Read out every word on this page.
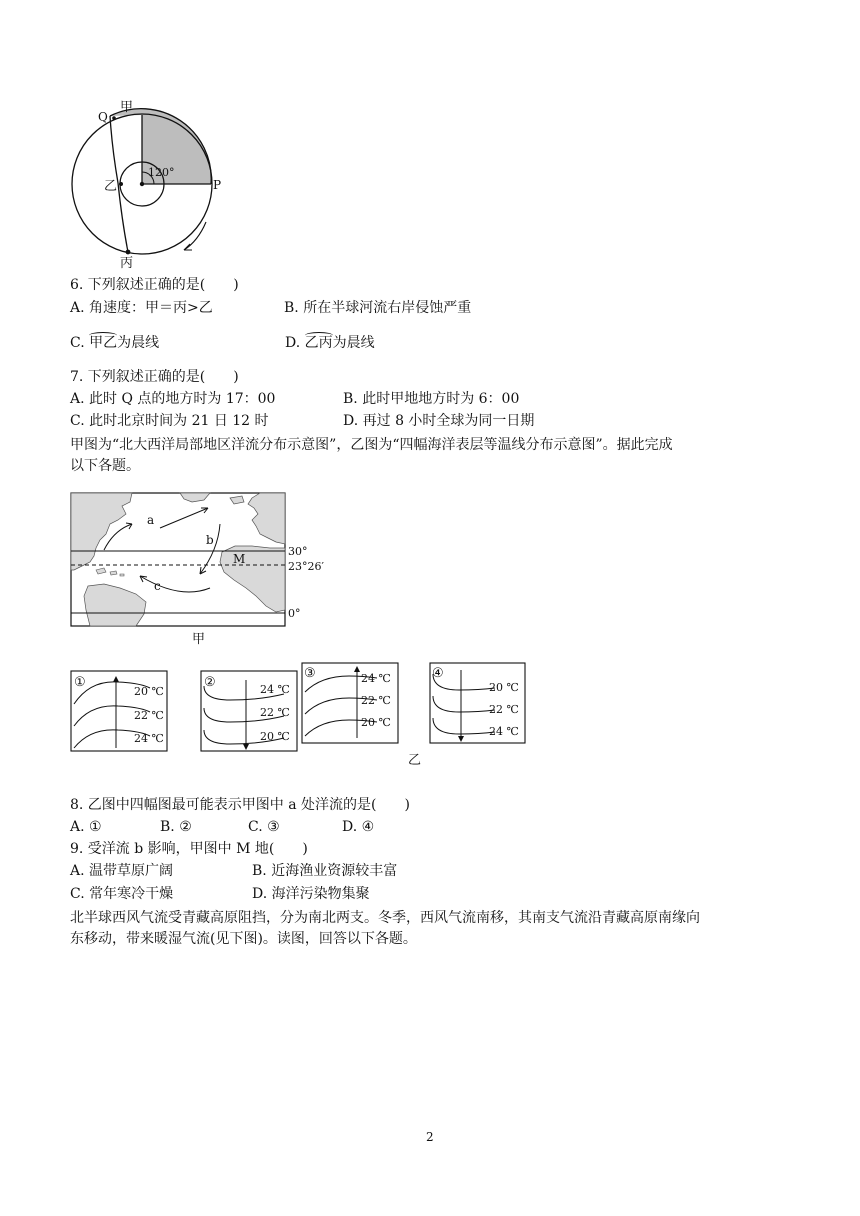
甲
Q
乙	P
丙
120°
6. 下列叙述正确的是(　　)
A. 角速度：甲＝丙>乙	B. 所在半球河流右岸侵蚀严重
C.
甲乙为晨线	D.
乙丙为晨线
7. 下列叙述正确的是(　　)
A. 此时 Q 点的地方时为 17：00	B. 此时甲地地方时为 6：00
C. 此时北京时间为 21 日 12 时	D. 再过 8 小时全球为同一日期
甲图为“北大西洋局部地区洋流分布示意图”，乙图为“四幅海洋表层等温线分布示意图”。据此完成
以下各题。
a
b
c
M
30°
23°26′
0°
甲
①
20 ℃
22 ℃
24 ℃
②	24 ℃
22 ℃
20 ℃
③	24 ℃
22 ℃
20 ℃
④
20 ℃
22 ℃
24 ℃
乙
8. 乙图中四幅图最可能表示甲图中 a 处洋流的是(　　)
A. ①	B. ②	C. ③	D. ④
9. 受洋流 b 影响，甲图中 M 地(　　)
A. 温带草原广阔	B. 近海渔业资源较丰富
C. 常年寒冷干燥	D. 海洋污染物集聚
北半球西风气流受青藏高原阻挡，分为南北两支。冬季，西风气流南移，其南支气流沿青藏高原南缘向
东移动，带来暖湿气流(见下图)。读图，回答以下各题。
2
